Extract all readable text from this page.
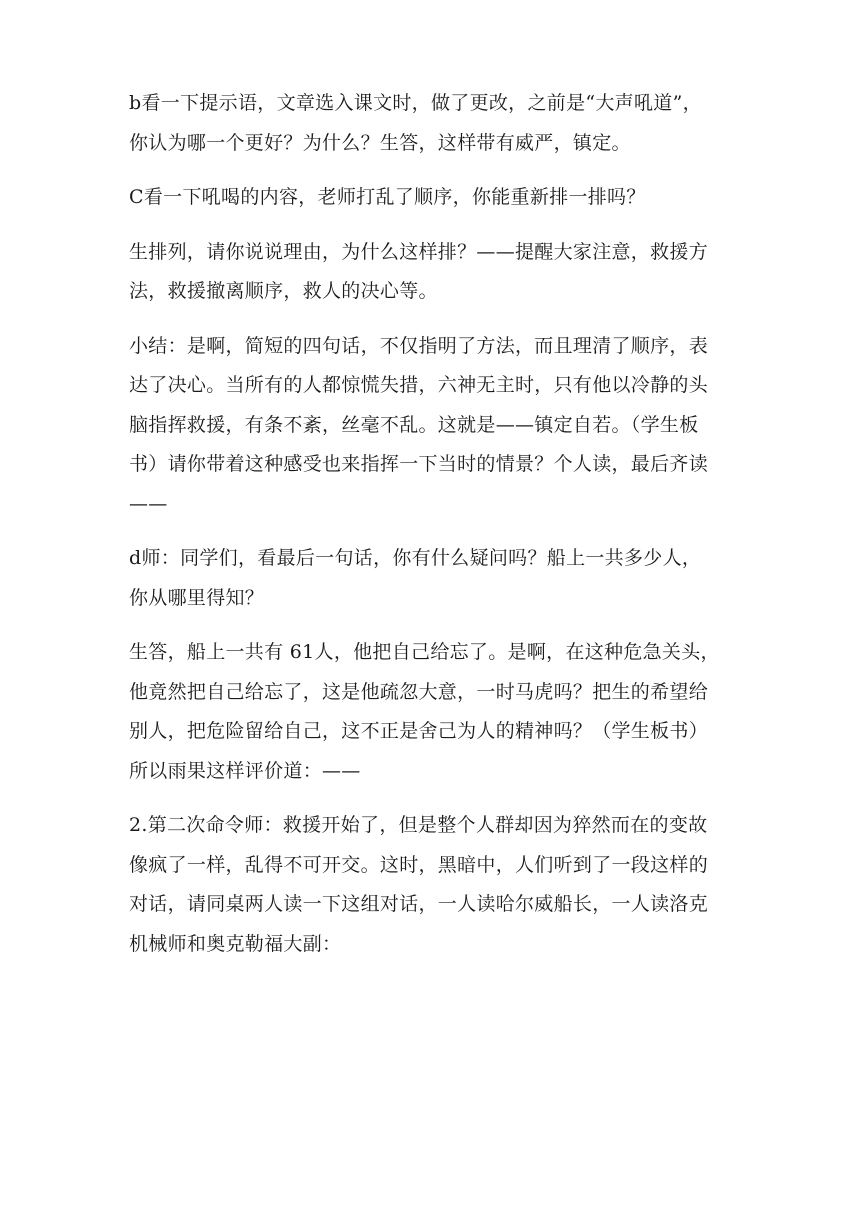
b看一下提示语，文章选入课文时，做了更改，之前是“大声吼道”，
你认为哪一个更好？为什么？生答，这样带有威严，镇定。

C看一下吼喝的内容，老师打乱了顺序，你能重新排一排吗？

生排列，请你说说理由，为什么这样排？——提醒大家注意，救援方
法，救援撤离顺序，救人的决心等。

小结：是啊，简短的四句话，不仅指明了方法，而且理清了顺序，表
达了决心。当所有的人都惊慌失措，六神无主时，只有他以冷静的头
脑指挥救援，有条不紊，丝毫不乱。这就是——镇定自若。（学生板
书）请你带着这种感受也来指挥一下当时的情景？个人读，最后齐读
——

d师：同学们，看最后一句话，你有什么疑问吗？船上一共多少人，
你从哪里得知？

生答，船上一共有 61人，他把自己给忘了。是啊，在这种危急关头，
他竟然把自己给忘了，这是他疏忽大意，一时马虎吗？把生的希望给
别人，把危险留给自己，这不正是舍己为人的精神吗？（学生板书）
所以雨果这样评价道：——

2.第二次命令师：救援开始了，但是整个人群却因为猝然而在的变故
像疯了一样，乱得不可开交。这时，黑暗中，人们听到了一段这样的
对话，请同桌两人读一下这组对话，一人读哈尔威船长，一人读洛克
机械师和奥克勒福大副：
